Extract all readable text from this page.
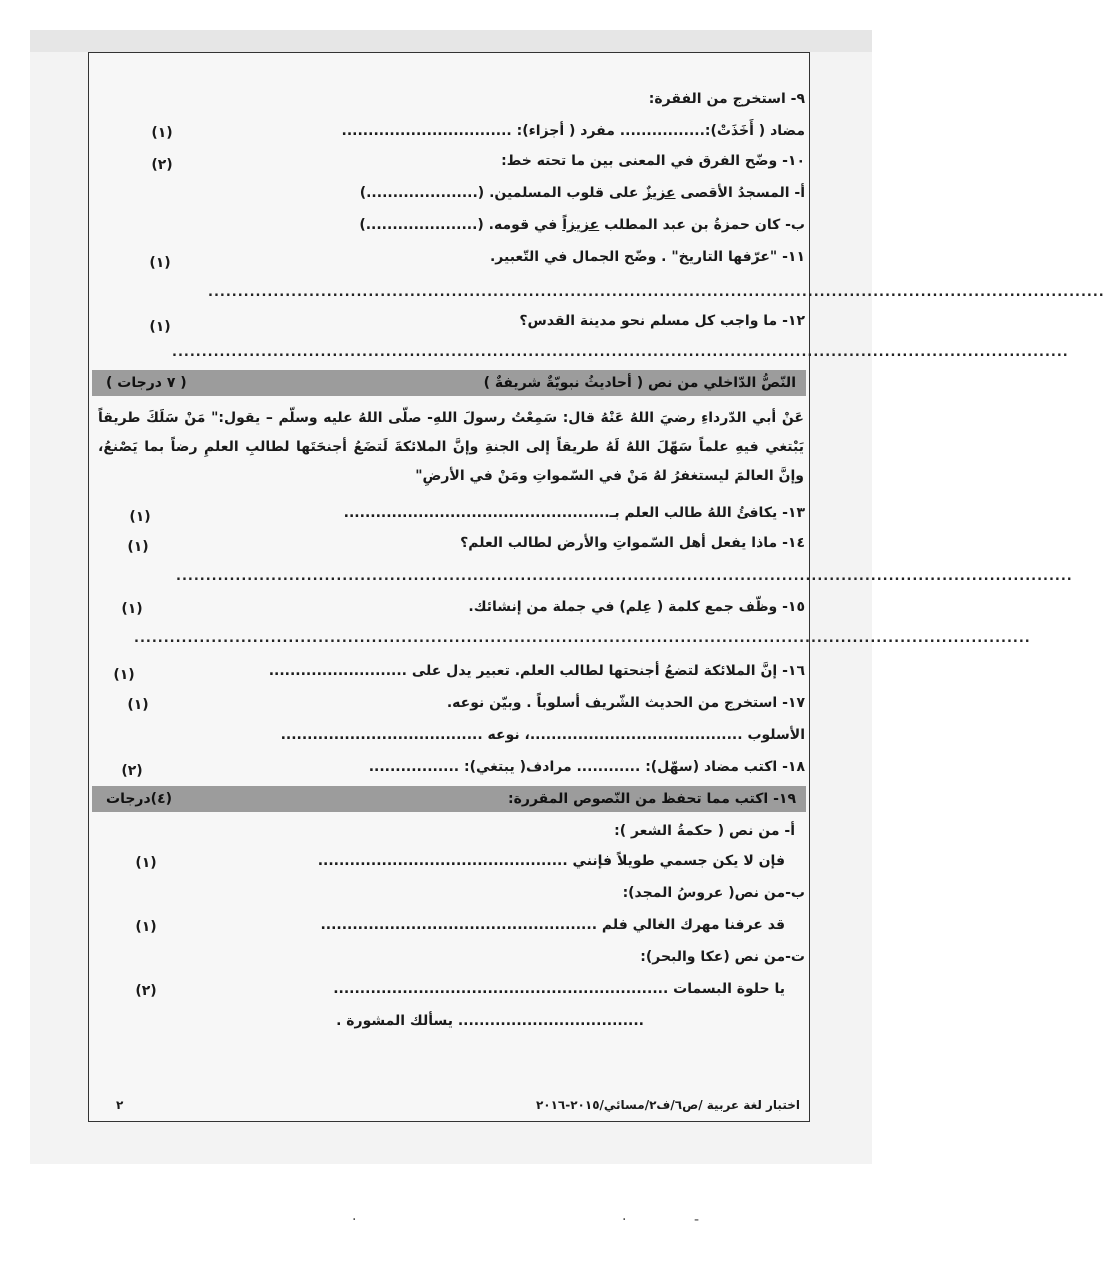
٩- استخرج من الفقرة:
مضاد ( أَخَذَتْ):................ مفرد ( أجزاء): ................................
(١)
١٠- وضّح الفرق في المعنى بين ما تحته خط:
(٢)
أ- المسجدُ الأقصى عزيزٌ على قلوب المسلمين. (.....................)
ب- كان حمزةُ بن عبد المطلب عزيزاً في قومه. (.....................)
١١- "عرّفها التاريخ" . وضّح الجمال في التّعبير.
(١)
.......................................................................................................................................................
١٢- ما واجب كل مسلم نحو مدينة القدس؟
(١)
.......................................................................................................................................................
النّصُّ الدّاخلي من نص ( أحاديثُ نبويّةٌ شريفةٌ )
( ٧ درجات )
عَنْ أبي الدّرداءِ رضيَ اللهُ عَنْهُ قال: سَمِعْتُ رسولَ اللهِ- صلّى اللهُ عليه وسلّم – يقول:" مَنْ سَلَكَ طريقاً يَبْتغي فيهِ علماً سَهّلَ اللهُ لَهُ طريقاً إلى الجنةِ وإنَّ الملائكةَ لَتضَعُ أجنحَتَها لطالبِ العلمِ رضاً بما يَصْنعُ، وإنَّ العالمَ ليستغفرُ لهُ مَنْ في السّمواتِ ومَنْ في الأرضِ"
١٣- يكافئُ اللهُ طالب العلم بـ..................................................
(١)
١٤- ماذا يفعل أهل السّمواتِ والأرض لطالب العلم؟
(١)
.......................................................................................................................................................
١٥- وظّف جمع كلمة ( عِلم) في جملة من إنشائك.
(١)
.......................................................................................................................................................
١٦- إنَّ الملائكة لتضعُ أجنحتها لطالب العلم. تعبير يدل على ..........................
(١)
١٧- استخرج من الحديث الشّريف أسلوباً . وبيّن نوعه.
(١)
الأسلوب ........................................، نوعه ......................................
١٨- اكتب مضاد (سهّل): ............ مرادف( يبتغي): .................
(٢)
١٩- اكتب مما تحفظ من النّصوص المقررة:
(٤)درجات
أ- من نص ( حكمةُ الشعر ):
فإن لا يكن جسمي طويلاً فإنني ...............................................
(١)
ب-من نص( عروسُ المجد):
قد عرفنا مهرك الغالي فلم ....................................................
(١)
ت-من نص (عكا والبحر):
يا حلوة البسمات ...............................................................
(٢)
................................... يسألك المشورة .
اختبار لغة عربية /ص٦/ف٢/مسائي/٢٠١٥-٢٠١٦
٢
·	·	-
